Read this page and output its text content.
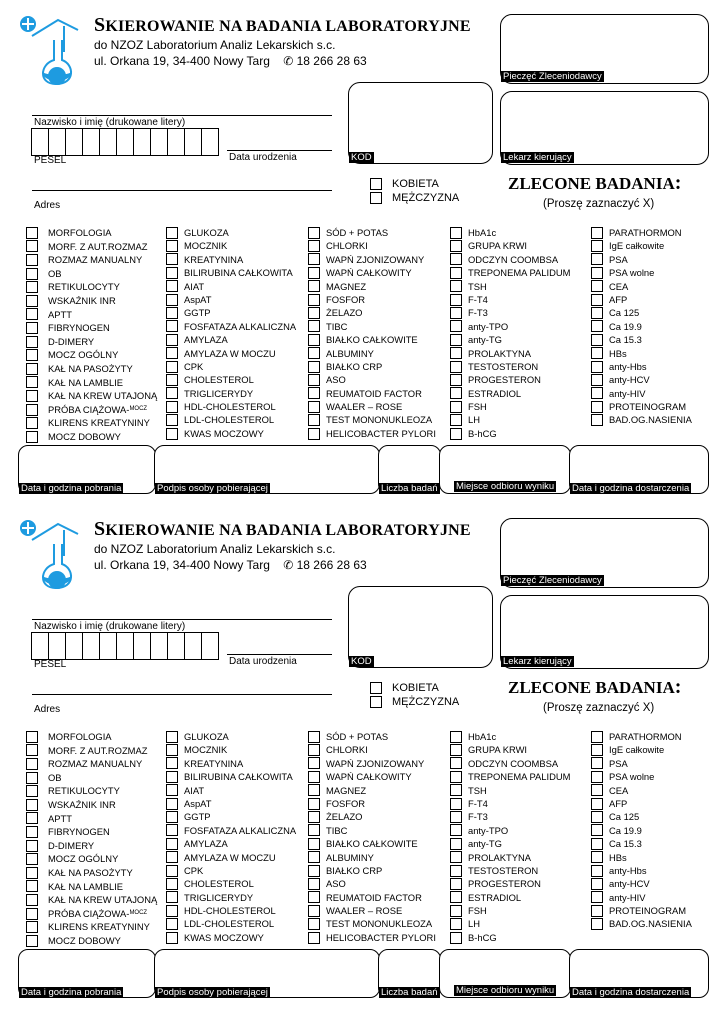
SKIEROWANIE NA BADANIA LABORATORYJNE
do NZOZ Laboratorium Analiz Lekarskich s.c.
ul. Orkana 19, 34-400 Nowy Targ ✆ 18 266 28 63
Pieczęć Zleceniodawcy
Nazwisko i imię (drukowane litery)
PESEL	Data urodzenia	KOD	Lekarz kierujący
Adres
KOBIETA
MĘŻCZYZNA
ZLECONE BADANIA:
(Proszę zaznaczyć X)
MORFOLOGIA
MORF. Z AUT.ROZMAZ
ROZMAZ MANUALNY
OB
RETIKULOCYTY
WSKAŹNIK INR
APTT
FIBRYNOGEN
D-DIMERY
MOCZ OGÓLNY
KAŁ NA PASOŻYTY
KAŁ NA LAMBLIE
KAŁ NA KREW UTAJONĄ
PRÓBA CIĄŻOWA- MOCZ
KLIRENS KREATYNINY
MOCZ DOBOWY
GLUKOZA
MOCZNIK
KREATYNINA
BILIRUBINA CAŁKOWITA
AIAT
AspAT
GGTP
FOSFATAZA ALKALICZNA
AMYLAZA
AMYLAZA W MOCZU
CPK
CHOLESTEROL
TRIGLICERYDY
HDL-CHOLESTEROL
LDL-CHOLESTEROL
KWAS MOCZOWY
SÓD + POTAS
CHLORKI
WAPŃ ZJONIZOWANY
WAPŃ CAŁKOWITY
MAGNEZ
FOSFOR
ŻELAZO
TIBC
BIAŁKO CAŁKOWITE
ALBUMINY
BIAŁKO CRP
ASO
REUMATOID FACTOR
WAALER – ROSE
TEST MONONUKLEOZA
HELICOBACTER PYLORI
HbA1c
GRUPA KRWI
ODCZYN COOMBSA
TREPONEMA PALIDUM
TSH
F-T4
F-T3
anty-TPO
anty-TG
PROLAKTYNA
TESTOSTERON
PROGESTERON
ESTRADIOL
FSH
LH
B-hCG
PARATHORMON
IgE całkowite
PSA
PSA wolne
CEA
AFP
Ca 125
Ca 19.9
Ca 15.3
HBs
anty-Hbs
anty-HCV
anty-HIV
PROTEINOGRAM
BAD.OG.NASIENIA
Data i godzina pobrania	Podpis osoby pobierającej	Liczba badań Miejsce odbioru wyniku Data i godzina dostarczenia
SKIEROWANIE NA BADANIA LABORATORYJNE
do NZOZ Laboratorium Analiz Lekarskich s.c.
ul. Orkana 19, 34-400 Nowy Targ ✆ 18 266 28 63
Pieczęć Zleceniodawcy
Nazwisko i imię (drukowane litery)
PESEL	Data urodzenia	KOD	Lekarz kierujący
Adres
KOBIETA
MĘŻCZYZNA
ZLECONE BADANIA:
(Proszę zaznaczyć X)
MORFOLOGIA
MORF. Z AUT.ROZMAZ
ROZMAZ MANUALNY
OB
RETIKULOCYTY
WSKAŹNIK INR
APTT
FIBRYNOGEN
D-DIMERY
MOCZ OGÓLNY
KAŁ NA PASOŻYTY
KAŁ NA LAMBLIE
KAŁ NA KREW UTAJONĄ
PRÓBA CIĄŻOWA- MOCZ
KLIRENS KREATYNINY
MOCZ DOBOWY
GLUKOZA
MOCZNIK
KREATYNINA
BILIRUBINA CAŁKOWITA
AIAT
AspAT
GGTP
FOSFATAZA ALKALICZNA
AMYLAZA
AMYLAZA W MOCZU
CPK
CHOLESTEROL
TRIGLICERYDY
HDL-CHOLESTEROL
LDL-CHOLESTEROL
KWAS MOCZOWY
SÓD + POTAS
CHLORKI
WAPŃ ZJONIZOWANY
WAPŃ CAŁKOWITY
MAGNEZ
FOSFOR
ŻELAZO
TIBC
BIAŁKO CAŁKOWITE
ALBUMINY
BIAŁKO CRP
ASO
REUMATOID FACTOR
WAALER – ROSE
TEST MONONUKLEOZA
HELICOBACTER PYLORI
HbA1c
GRUPA KRWI
ODCZYN COOMBSA
TREPONEMA PALIDUM
TSH
F-T4
F-T3
anty-TPO
anty-TG
PROLAKTYNA
TESTOSTERON
PROGESTERON
ESTRADIOL
FSH
LH
B-hCG
PARATHORMON
IgE całkowite
PSA
PSA wolne
CEA
AFP
Ca 125
Ca 19.9
Ca 15.3
HBs
anty-Hbs
anty-HCV
anty-HIV
PROTEINOGRAM
BAD.OG.NASIENIA
Data i godzina pobrania	Podpis osoby pobierającej	Liczba badań Miejsce odbioru wyniku Data i godzina dostarczenia
